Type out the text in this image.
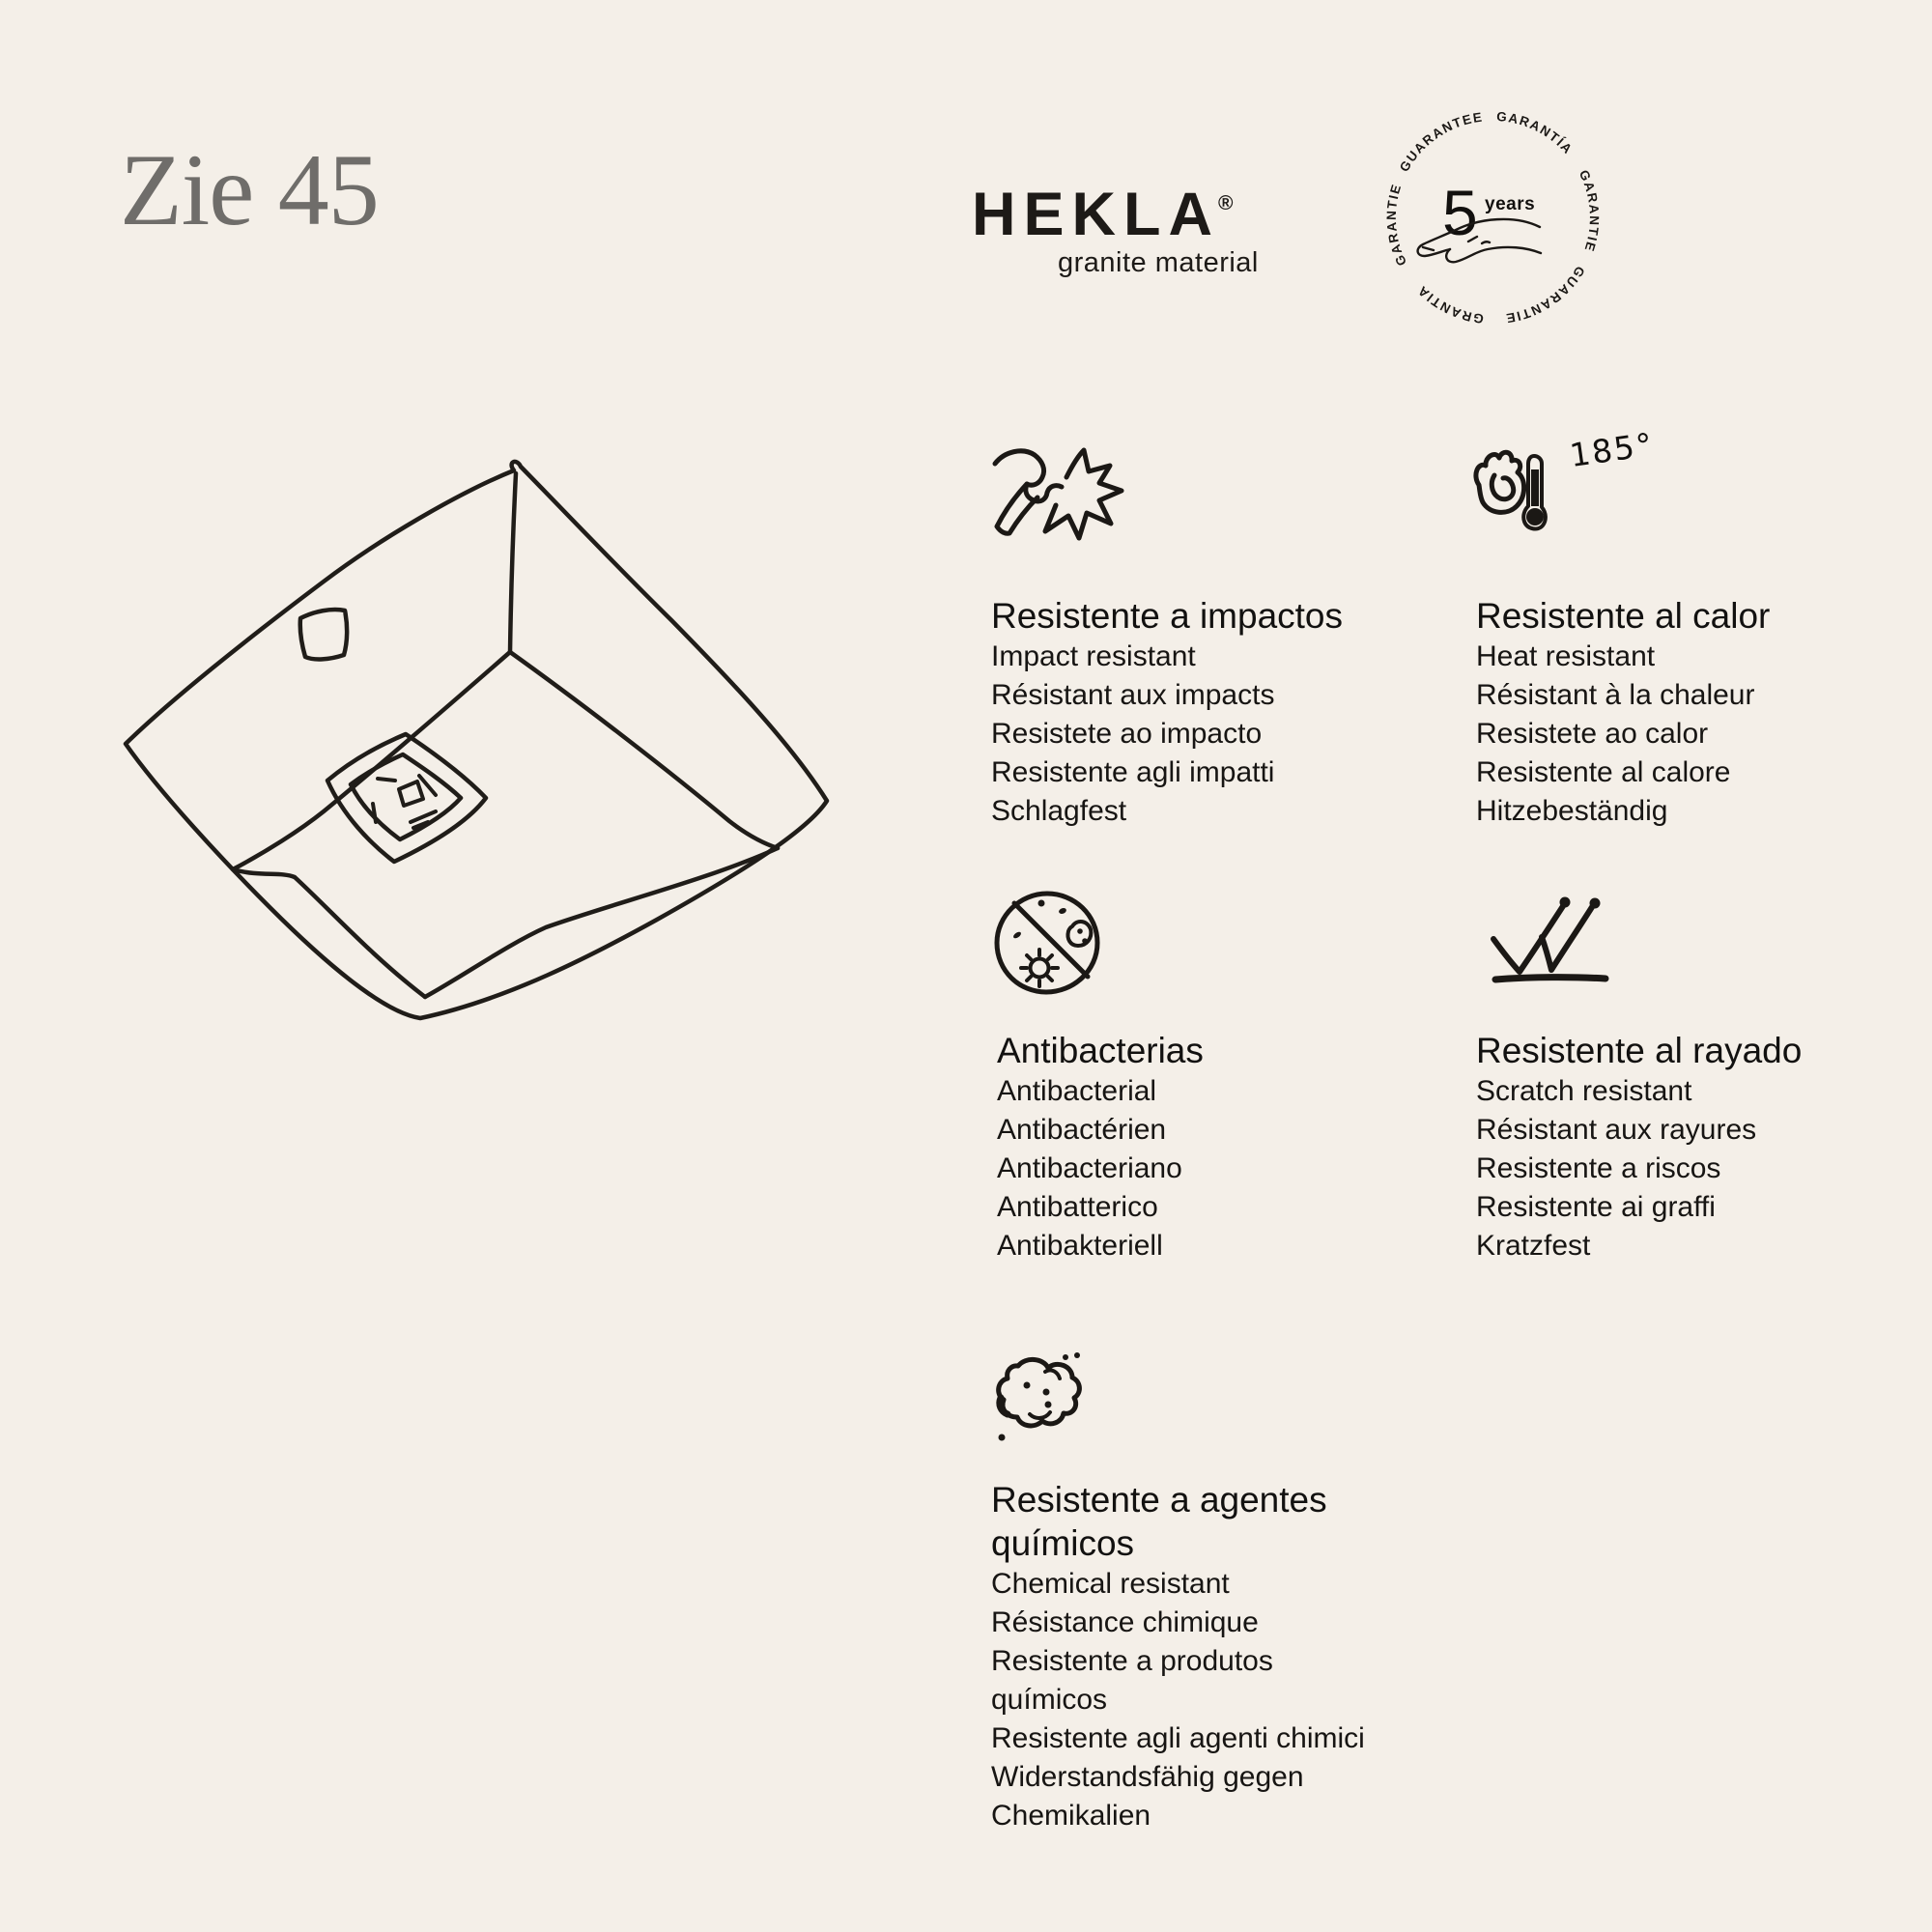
Zie 45	HEKLA®
granite material
GUARANTEE GARANTÍA
GARANTIE
GUARANTIE
GRANTIA
GARANTIE 5 years
Resistente a impactos
Impact resistant
Résistant aux impacts
Resistete ao impacto
Resistente agli impatti
Schlagfest
185°
Resistente al calor
Heat resistant
Résistant à la chaleur
Resistete ao calor
Resistente al calore
Hitzebeständig
Antibacterias
Antibacterial
Antibactérien
Antibacteriano
Antibatterico
Antibakteriell
Resistente al rayado
Scratch resistant
Résistant aux rayures
Resistente a riscos
Resistente ai graffi
Kratzfest
Resistente a agentes químicos
Chemical resistant
Résistance chimique
Resistente a produtos químicos
Resistente agli agenti chimici
Widerstandsfähig gegen Chemikalien
